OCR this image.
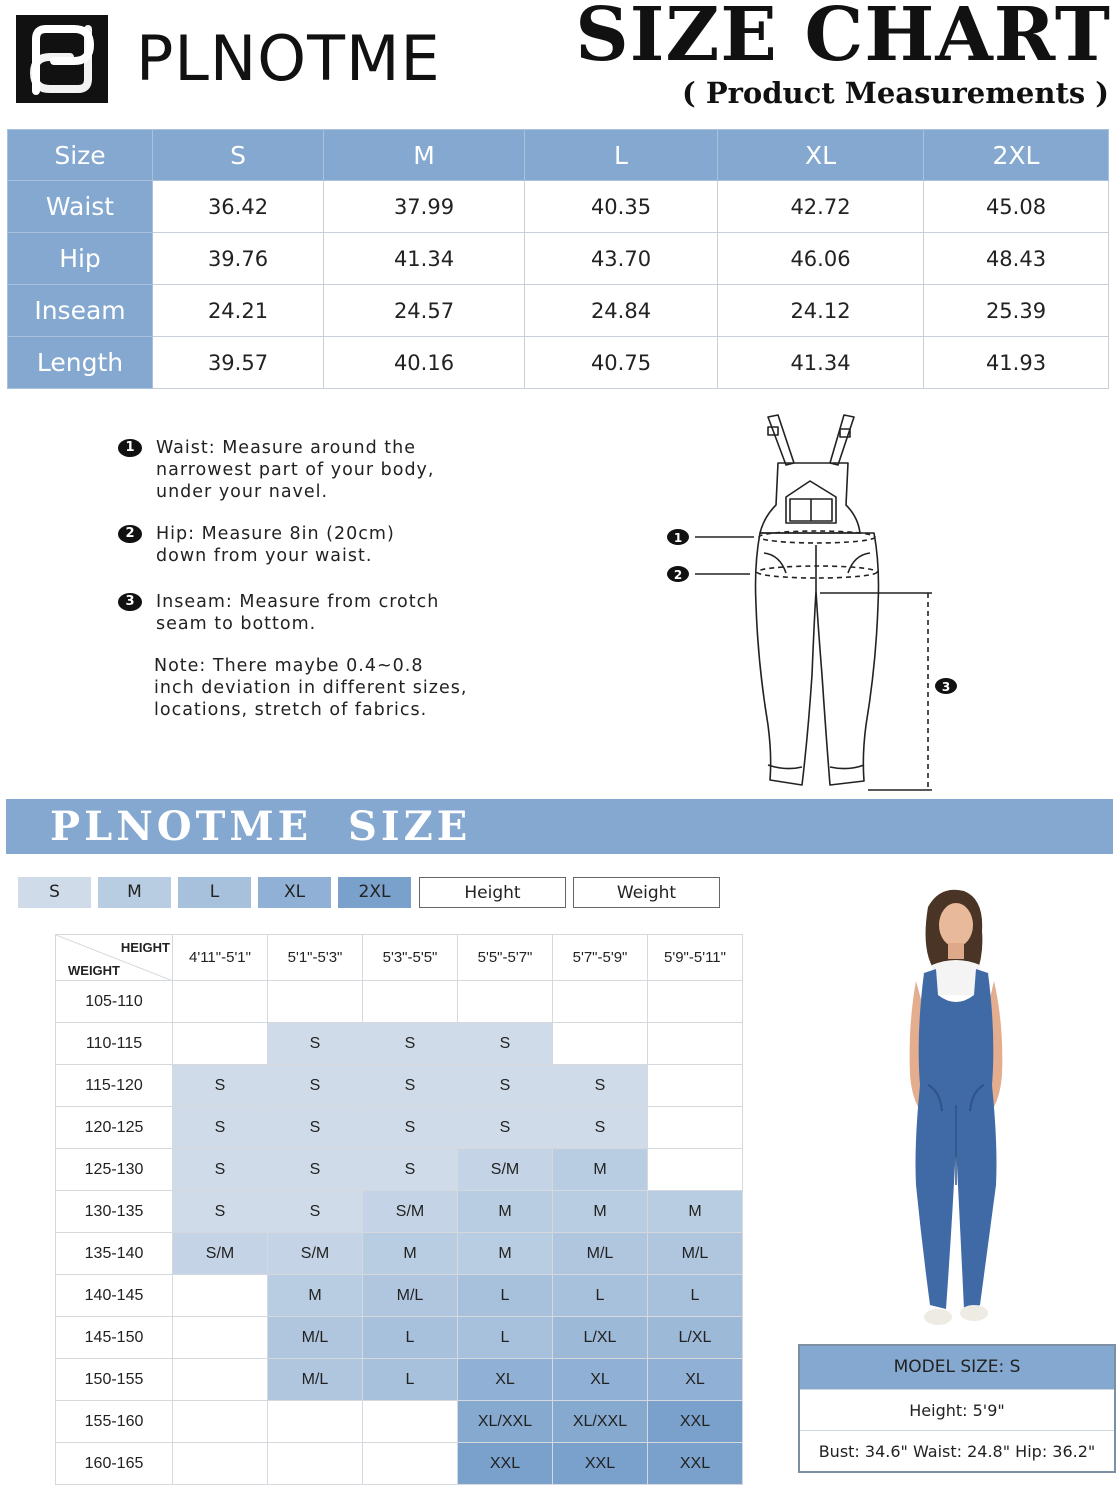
PLNOTME SIZE CHART
( Product Measurements )
Size	S	M	L	XL	2XL
Waist	36.42	37.99	40.35	42.72	45.08
Hip	39.76	41.34	43.70	46.06	48.43
Inseam	24.21	24.57	24.84	24.12	25.39
Length	39.57	40.16	40.75	41.34	41.93
1	Waist: Measure around the
narrowest part of your body,
under your navel.
2	Hip: Measure 8in (20cm)
down from your waist.
3	Inseam: Measure from crotch
seam to bottom.
Note: There maybe 0.4~0.8
inch deviation in different sizes,
locations, stretch of fabrics.
1
2
3
PLNOTME  SIZE
S	M	L	XL	2XL	Height	Weight
HEIGHT
WEIGHT	4'11"-5'1"	5'1"-5'3"	5'3"-5'5"	5'5"-5'7"	5'7"-5'9"	5'9"-5'11"
105-110						
110-115		S	S	S		
115-120	S	S	S	S	S	
120-125	S	S	S	S	S	
125-130	S	S	S	S/M	M	
130-135	S	S	S/M	M	M	M
135-140	S/M	S/M	M	M	M/L	M/L
140-145		M	M/L	L	L	L
145-150		M/L	L	L	L/XL	L/XL
150-155		M/L	L	XL	XL	XL
155-160				XL/XXL	XL/XXL	XXL
160-165				XXL	XXL	XXL
MODEL SIZE: S
Height: 5'9"
Bust: 34.6" Waist: 24.8" Hip: 36.2"
